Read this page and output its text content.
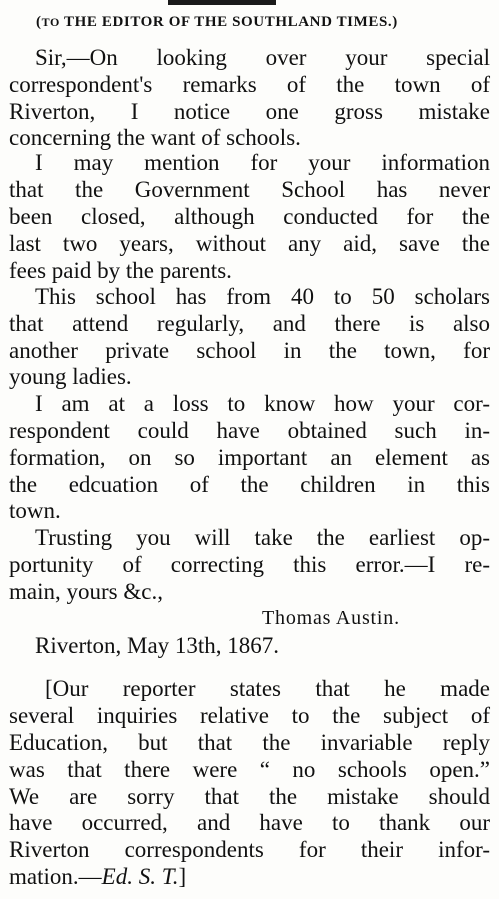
(TO THE EDITOR OF THE SOUTHLAND TIMES.)
Sir,—On looking over your special
correspondent's remarks of the town of
Riverton, I notice one gross mistake
concerning the want of schools.
I may mention for your information
that the Government School has never
been closed, although conducted for the
last two years, without any aid, save the
fees paid by the parents.
This school has from 40 to 50 scholars
that attend regularly, and there is also
another private school in the town, for
young ladies.
I am at a loss to know how your cor-
respondent could have obtained such in-
formation, on so important an element as
the edcuation of the children in this
town.
Trusting you will take the earliest op-
portunity of correcting this error.—I re-
main, yours &c.,
Thomas Austin.
Riverton, May 13th, 1867.
[Our reporter states that he made
several inquiries relative to the subject of
Education, but that the invariable reply
was that there were “ no schools open.”
We are sorry that the mistake should
have occurred, and have to thank our
Riverton correspondents for their infor-
mation.—Ed. S. T.]
